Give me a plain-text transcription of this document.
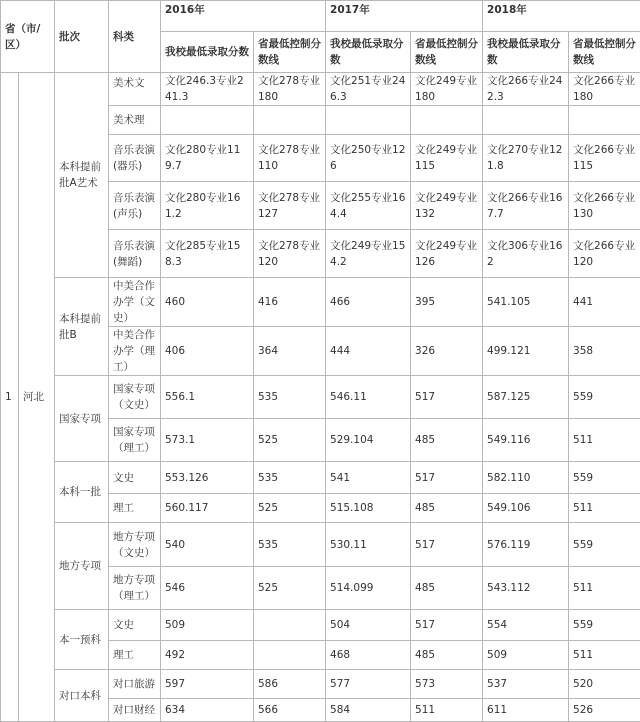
省（市/区）		批次	科类	2016年		2017年		2018年	
				我校最低录取分数	省最低控制分数线	我校最低录取分数	省最低控制分数线	我校最低录取分数	省最低控制分数线
1	河北	本科提前批A艺术	美术文	文化246.3专业241.3	文化278专业180	文化251专业246.3	文化249专业180	文化266专业242.3	文化266专业180
			美术理						
			音乐表演(器乐)	文化280专业119.7	文化278专业110	文化250专业126	文化249专业115	文化270专业121.8	文化266专业115
			音乐表演(声乐)	文化280专业161.2	文化278专业127	文化255专业164.4	文化249专业132	文化266专业167.7	文化266专业130
			音乐表演(舞蹈)	文化285专业158.3	文化278专业120	文化249专业154.2	文化249专业126	文化306专业162	文化266专业120
		本科提前批B	中美合作办学（文史）	460	416	466	395	541.105	441
			中美合作办学（理工）	406	364	444	326	499.121	358
		国家专项	国家专项（文史）	556.1	535	546.11	517	587.125	559
			国家专项（理工）	573.1	525	529.104	485	549.116	511
		本科一批	文史	553.126	535	541	517	582.110	559
			理工	560.117	525	515.108	485	549.106	511
		地方专项	地方专项（文史）	540	535	530.11	517	576.119	559
			地方专项（理工）	546	525	514.099	485	543.112	511
		本一预科	文史	509		504	517	554	559
			理工	492		468	485	509	511
		对口本科	对口旅游	597	586	577	573	537	520
			对口财经	634	566	584	511	611	526
